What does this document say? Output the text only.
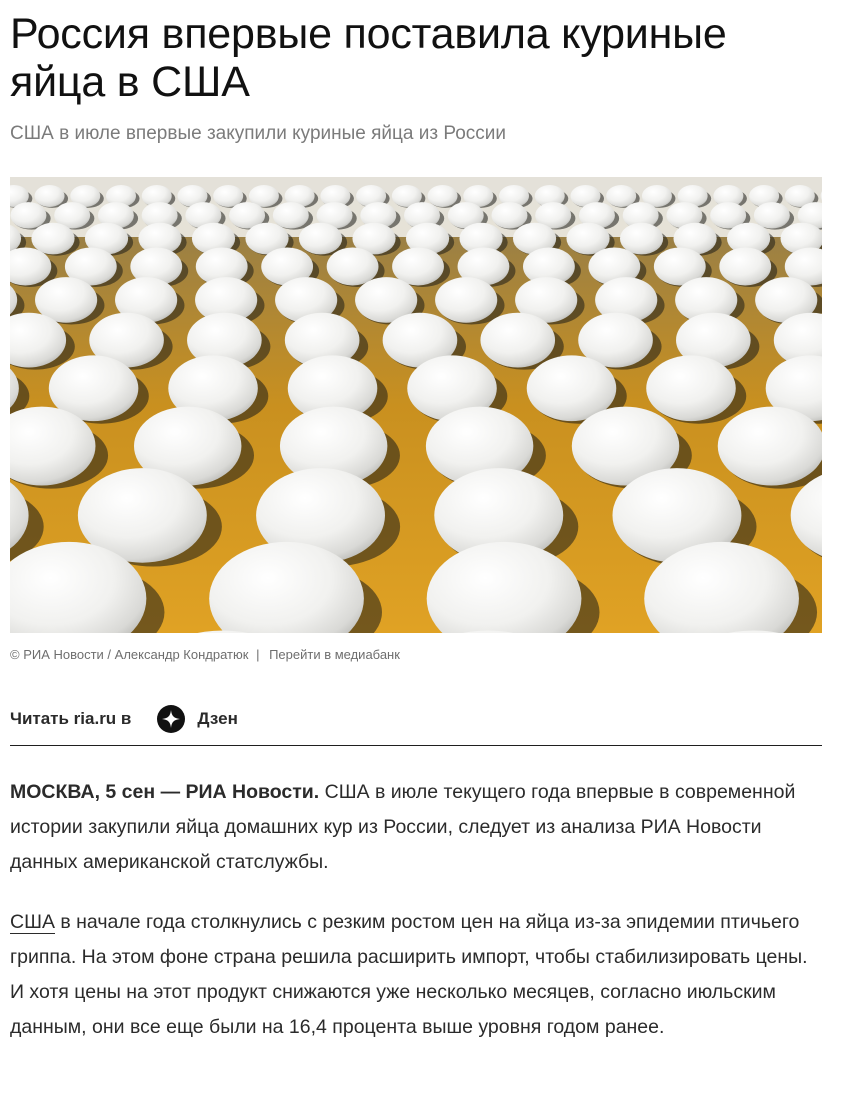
Россия впервые поставила куриные яйца в США
США в июле впервые закупили куриные яйца из России
© РИА Новости / Александр Кондратюк | Перейти в медиабанк
Читать ria.ru в	Дзен

МОСКВА, 5 сен — РИА Новости. США в июле текущего года впервые в современной истории закупили яйца домашних кур из России, следует из анализа РИА Новости данных американской статслужбы.

США в начале года столкнулись с резким ростом цен на яйца из-за эпидемии птичьего гриппа. На этом фоне страна решила расширить импорт, чтобы стабилизировать цены. И хотя цены на этот продукт снижаются уже несколько месяцев, согласно июльским данным, они все еще были на 16,4 процента выше уровня годом ранее.
